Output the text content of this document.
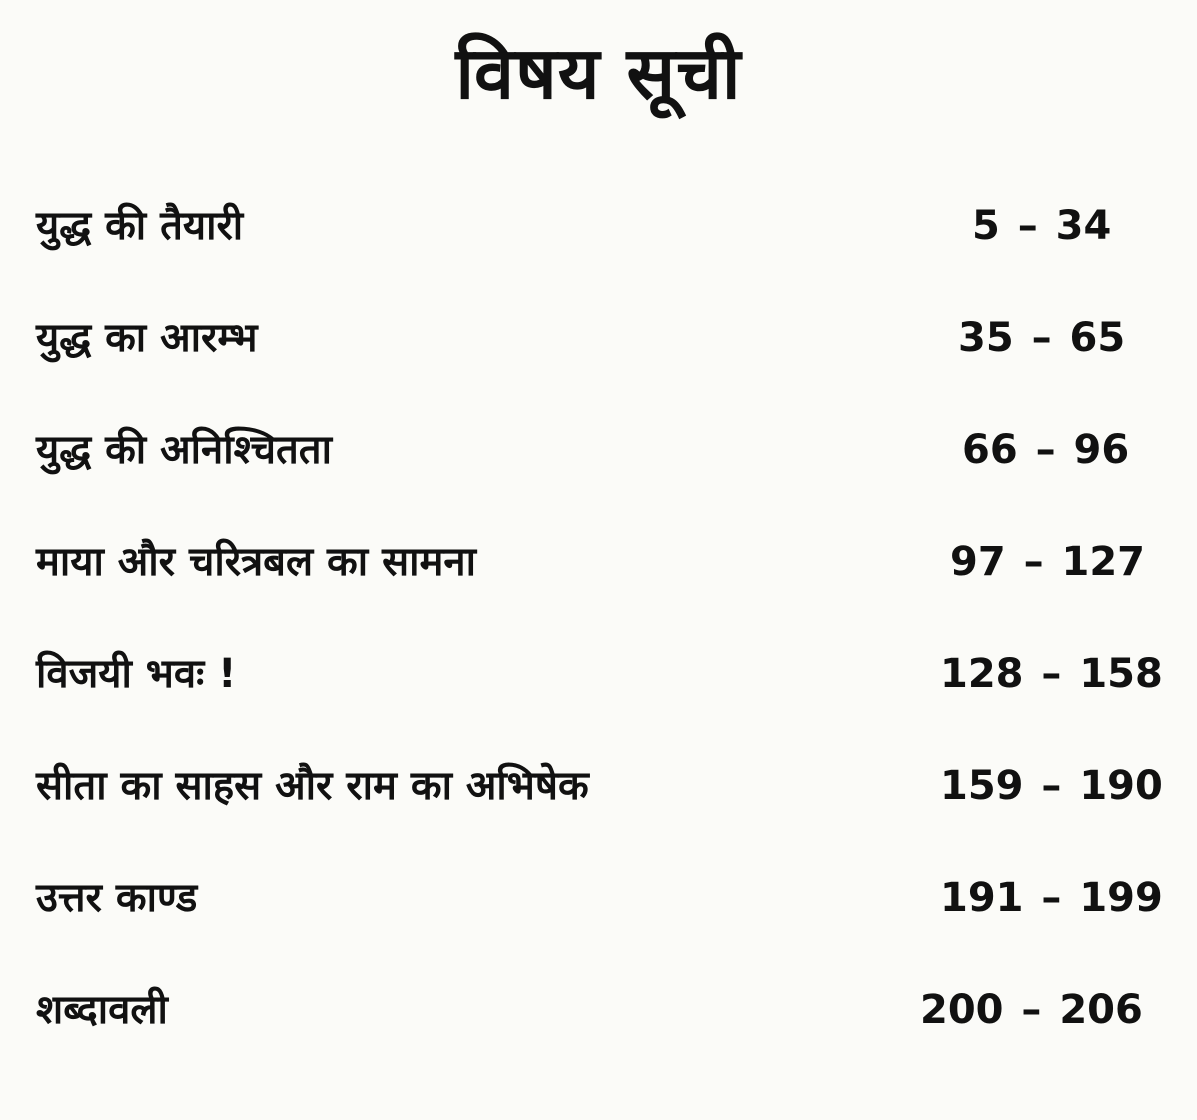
विषय सूची
युद्ध की तैयारी	5 – 34
युद्ध का आरम्भ	35 – 65
युद्ध की अनिश्चितता	66 – 96
माया और चरित्रबल का सामना	97 – 127
विजयी भवः !	128 – 158
सीता का साहस और राम का अभिषेक	159 – 190
उत्तर काण्ड	191 – 199
शब्दावली	200 – 206
